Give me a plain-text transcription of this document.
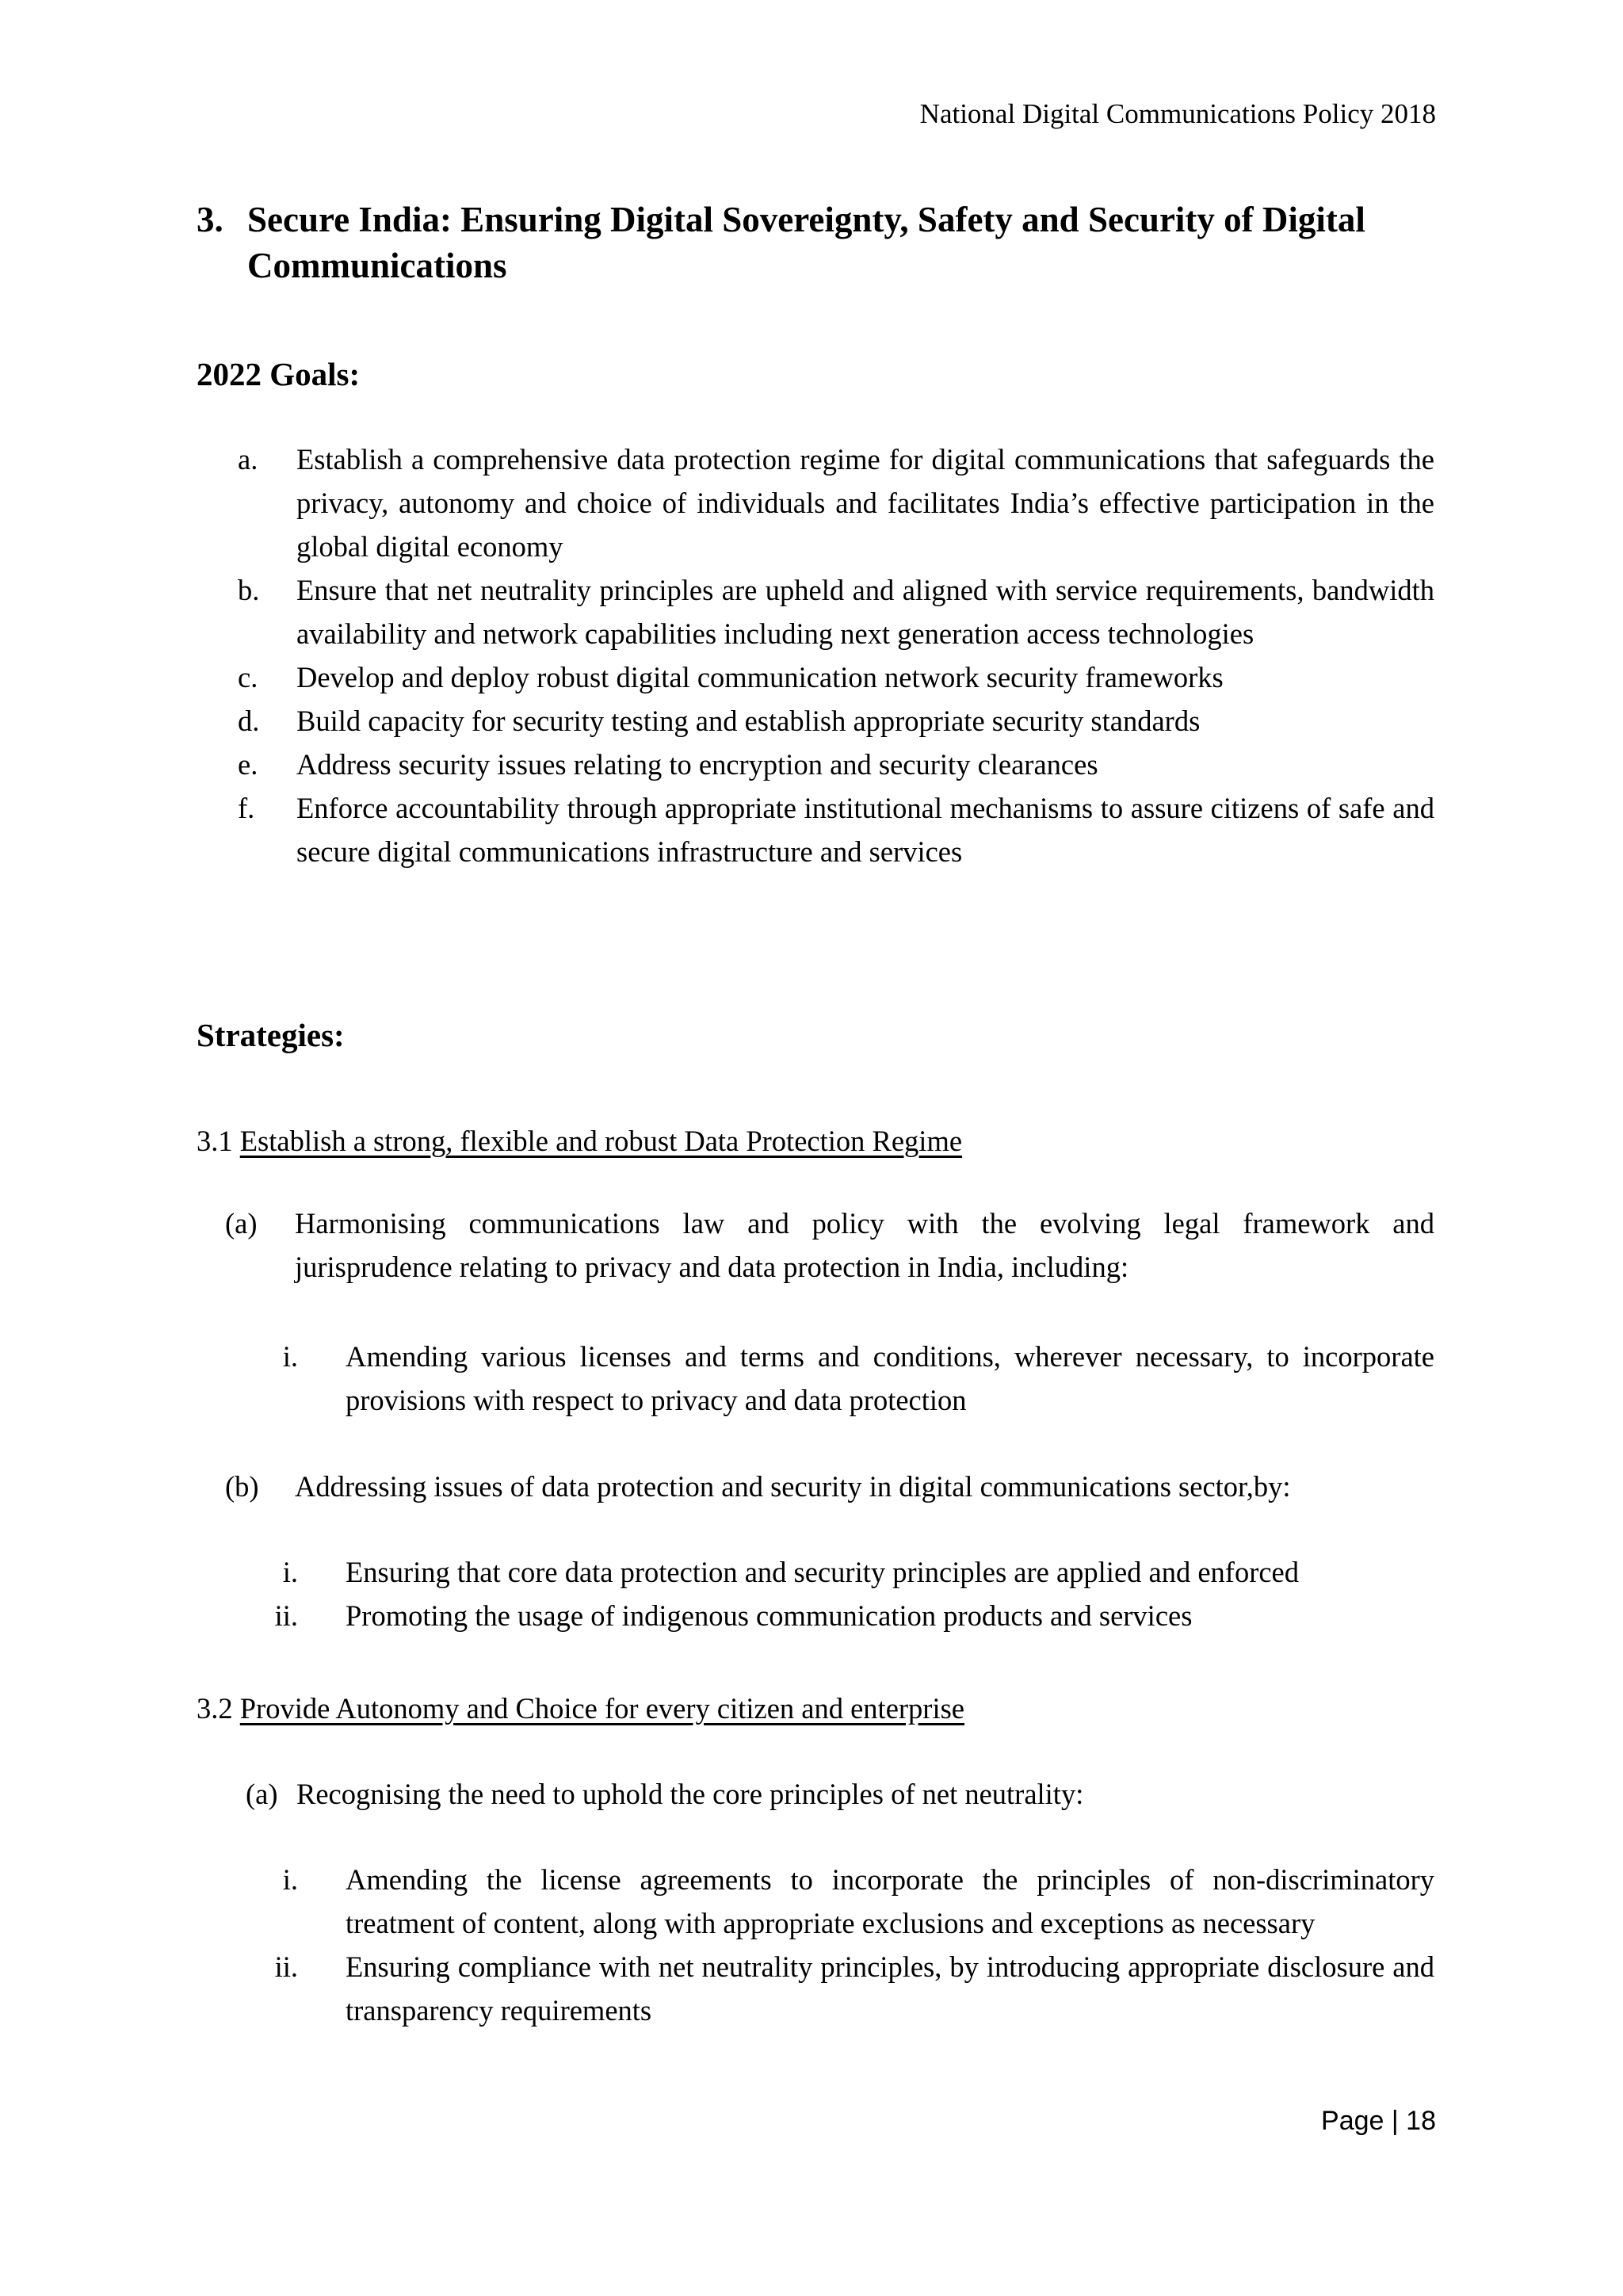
National Digital Communications Policy 2018
3. Secure India: Ensuring Digital Sovereignty, Safety and Security of Digital Communications
2022 Goals:
a.	Establish a comprehensive data protection regime for digital communications that safeguards the privacy, autonomy and choice of individuals and facilitates India’s effective participation in the global digital economy
b.	Ensure that net neutrality principles are upheld and aligned with service requirements, bandwidth availability and network capabilities including next generation access technologies
c.	Develop and deploy robust digital communication network security frameworks
d.	Build capacity for security testing and establish appropriate security standards
e.	Address security issues relating to encryption and security clearances
f.	Enforce accountability through appropriate institutional mechanisms to assure citizens of safe and secure digital communications infrastructure and services
Strategies:
3.1 Establish a strong, flexible and robust Data Protection Regime
(a)	Harmonising communications law and policy with the evolving legal framework and jurisprudence relating to privacy and data protection in India, including:
i. Amending various licenses and terms and conditions, wherever necessary, to incorporate provisions with respect to privacy and data protection
(b)	Addressing issues of data protection and security in digital communications sector,by:
i. Ensuring that core data protection and security principles are applied and enforced
ii. Promoting the usage of indigenous communication products and services
3.2 Provide Autonomy and Choice for every citizen and enterprise
(a) Recognising the need to uphold the core principles of net neutrality:
i. Amending the license agreements to incorporate the principles of non-discriminatory treatment of content, along with appropriate exclusions and exceptions as necessary
ii. Ensuring compliance with net neutrality principles, by introducing appropriate disclosure and transparency requirements
Page | 18
